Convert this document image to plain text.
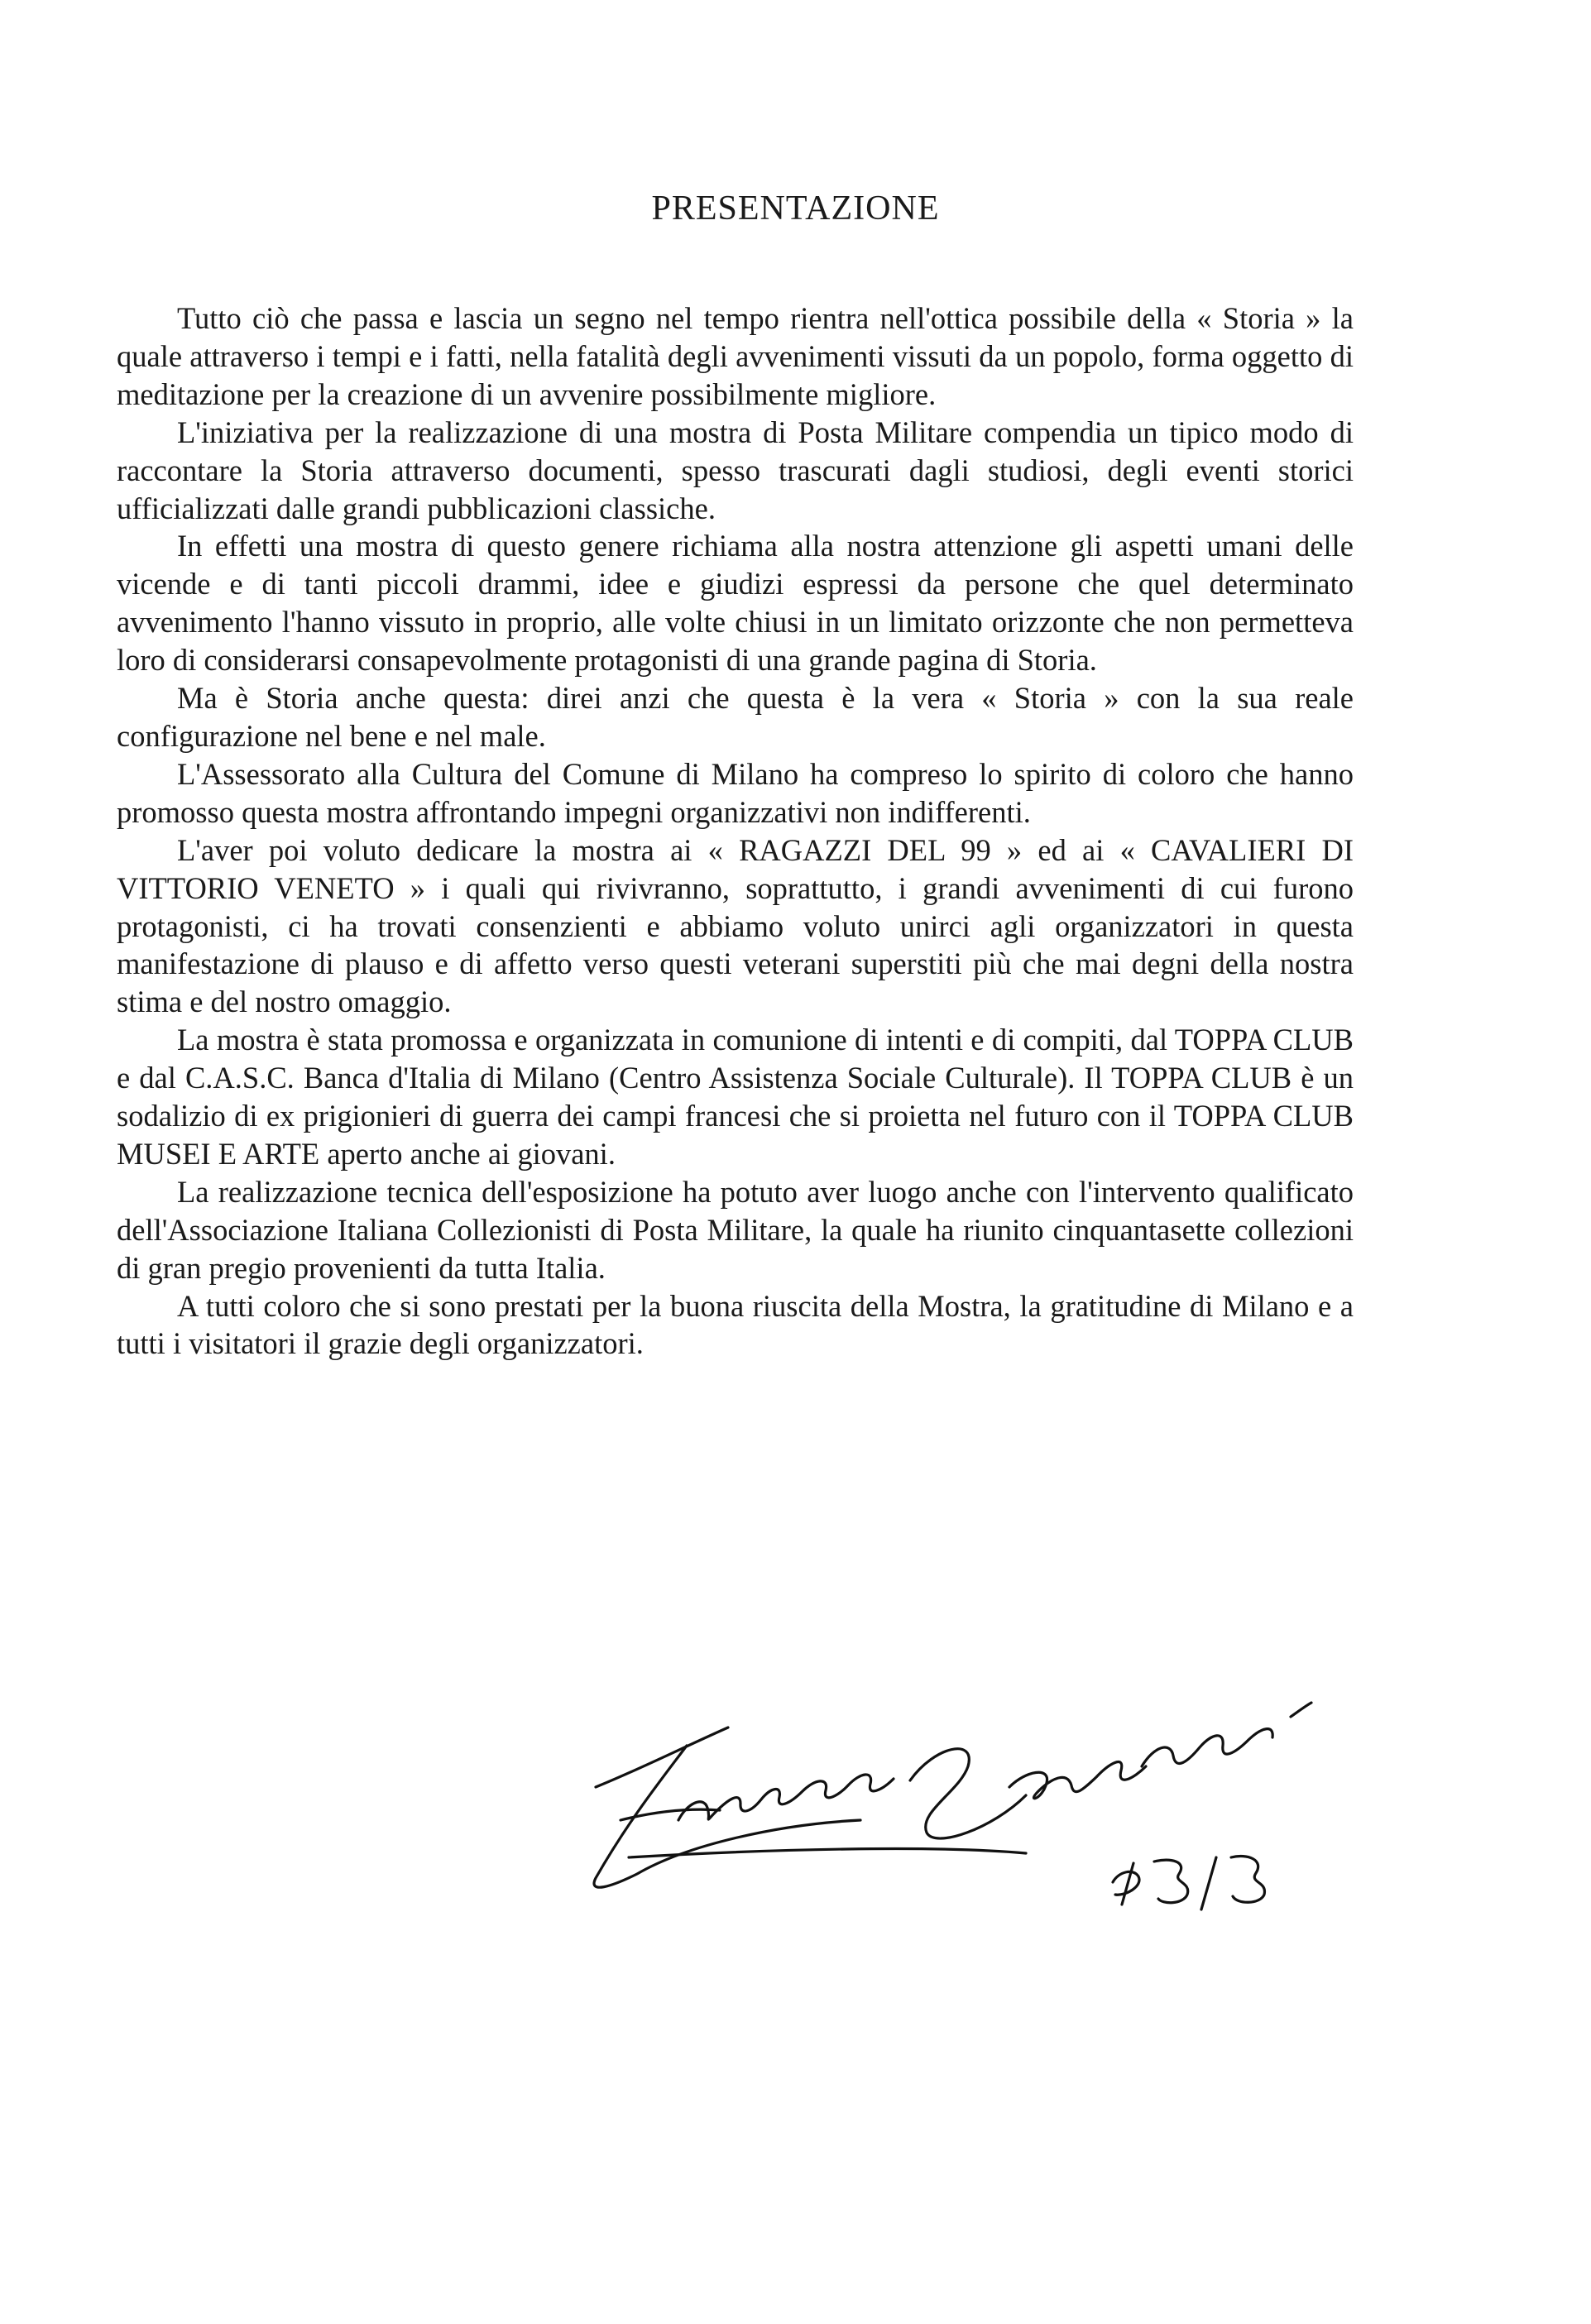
PRESENTAZIONE

Tutto ciò che passa e lascia un segno nel tempo rientra nell'ottica possibile della « Storia » la quale attraverso i tempi e i fatti, nella fatalità degli avvenimenti vissuti da un popolo, forma oggetto di meditazione per la creazione di un avvenire possibilmente migliore.

L'iniziativa per la realizzazione di una mostra di Posta Militare compendia un tipico modo di raccontare la Storia attraverso documenti, spesso trascurati dagli studiosi, degli eventi storici ufficializzati dalle grandi pubblicazioni classiche.

In effetti una mostra di questo genere richiama alla nostra attenzione gli aspetti umani delle vicende e di tanti piccoli drammi, idee e giudizi espressi da persone che quel determinato avvenimento l'hanno vissuto in proprio, alle volte chiusi in un limitato orizzonte che non permetteva loro di considerarsi consapevolmente protagonisti di una grande pagina di Storia.

Ma è Storia anche questa: direi anzi che questa è la vera « Storia » con la sua reale configurazione nel bene e nel male.

L'Assessorato alla Cultura del Comune di Milano ha compreso lo spirito di coloro che hanno promosso questa mostra affrontando impegni organizzativi non indifferenti.

L'aver poi voluto dedicare la mostra ai « RAGAZZI DEL 99 » ed ai « CAVALIERI DI VITTORIO VENETO » i quali qui rivivranno, soprattutto, i grandi avvenimenti di cui furono protagonisti, ci ha trovati consenzienti e abbiamo voluto unirci agli organizzatori in questa manifestazione di plauso e di affetto verso questi veterani superstiti più che mai degni della nostra stima e del nostro omaggio.

La mostra è stata promossa e organizzata in comunione di intenti e di compiti, dal TOPPA CLUB e dal C.A.S.C. Banca d'Italia di Milano (Centro Assistenza Sociale Culturale). Il TOPPA CLUB è un sodalizio di ex prigionieri di guerra dei campi francesi che si proietta nel futuro con il TOPPA CLUB MUSEI E ARTE aperto anche ai giovani.

La realizzazione tecnica dell'esposizione ha potuto aver luogo anche con l'intervento qualificato dell'Associazione Italiana Collezionisti di Posta Militare, la quale ha riunito cinquantasette collezioni di gran pregio provenienti da tutta Italia.

A tutti coloro che si sono prestati per la buona riuscita della Mostra, la gratitudine di Milano e a tutti i visitatori il grazie degli organizzatori.
